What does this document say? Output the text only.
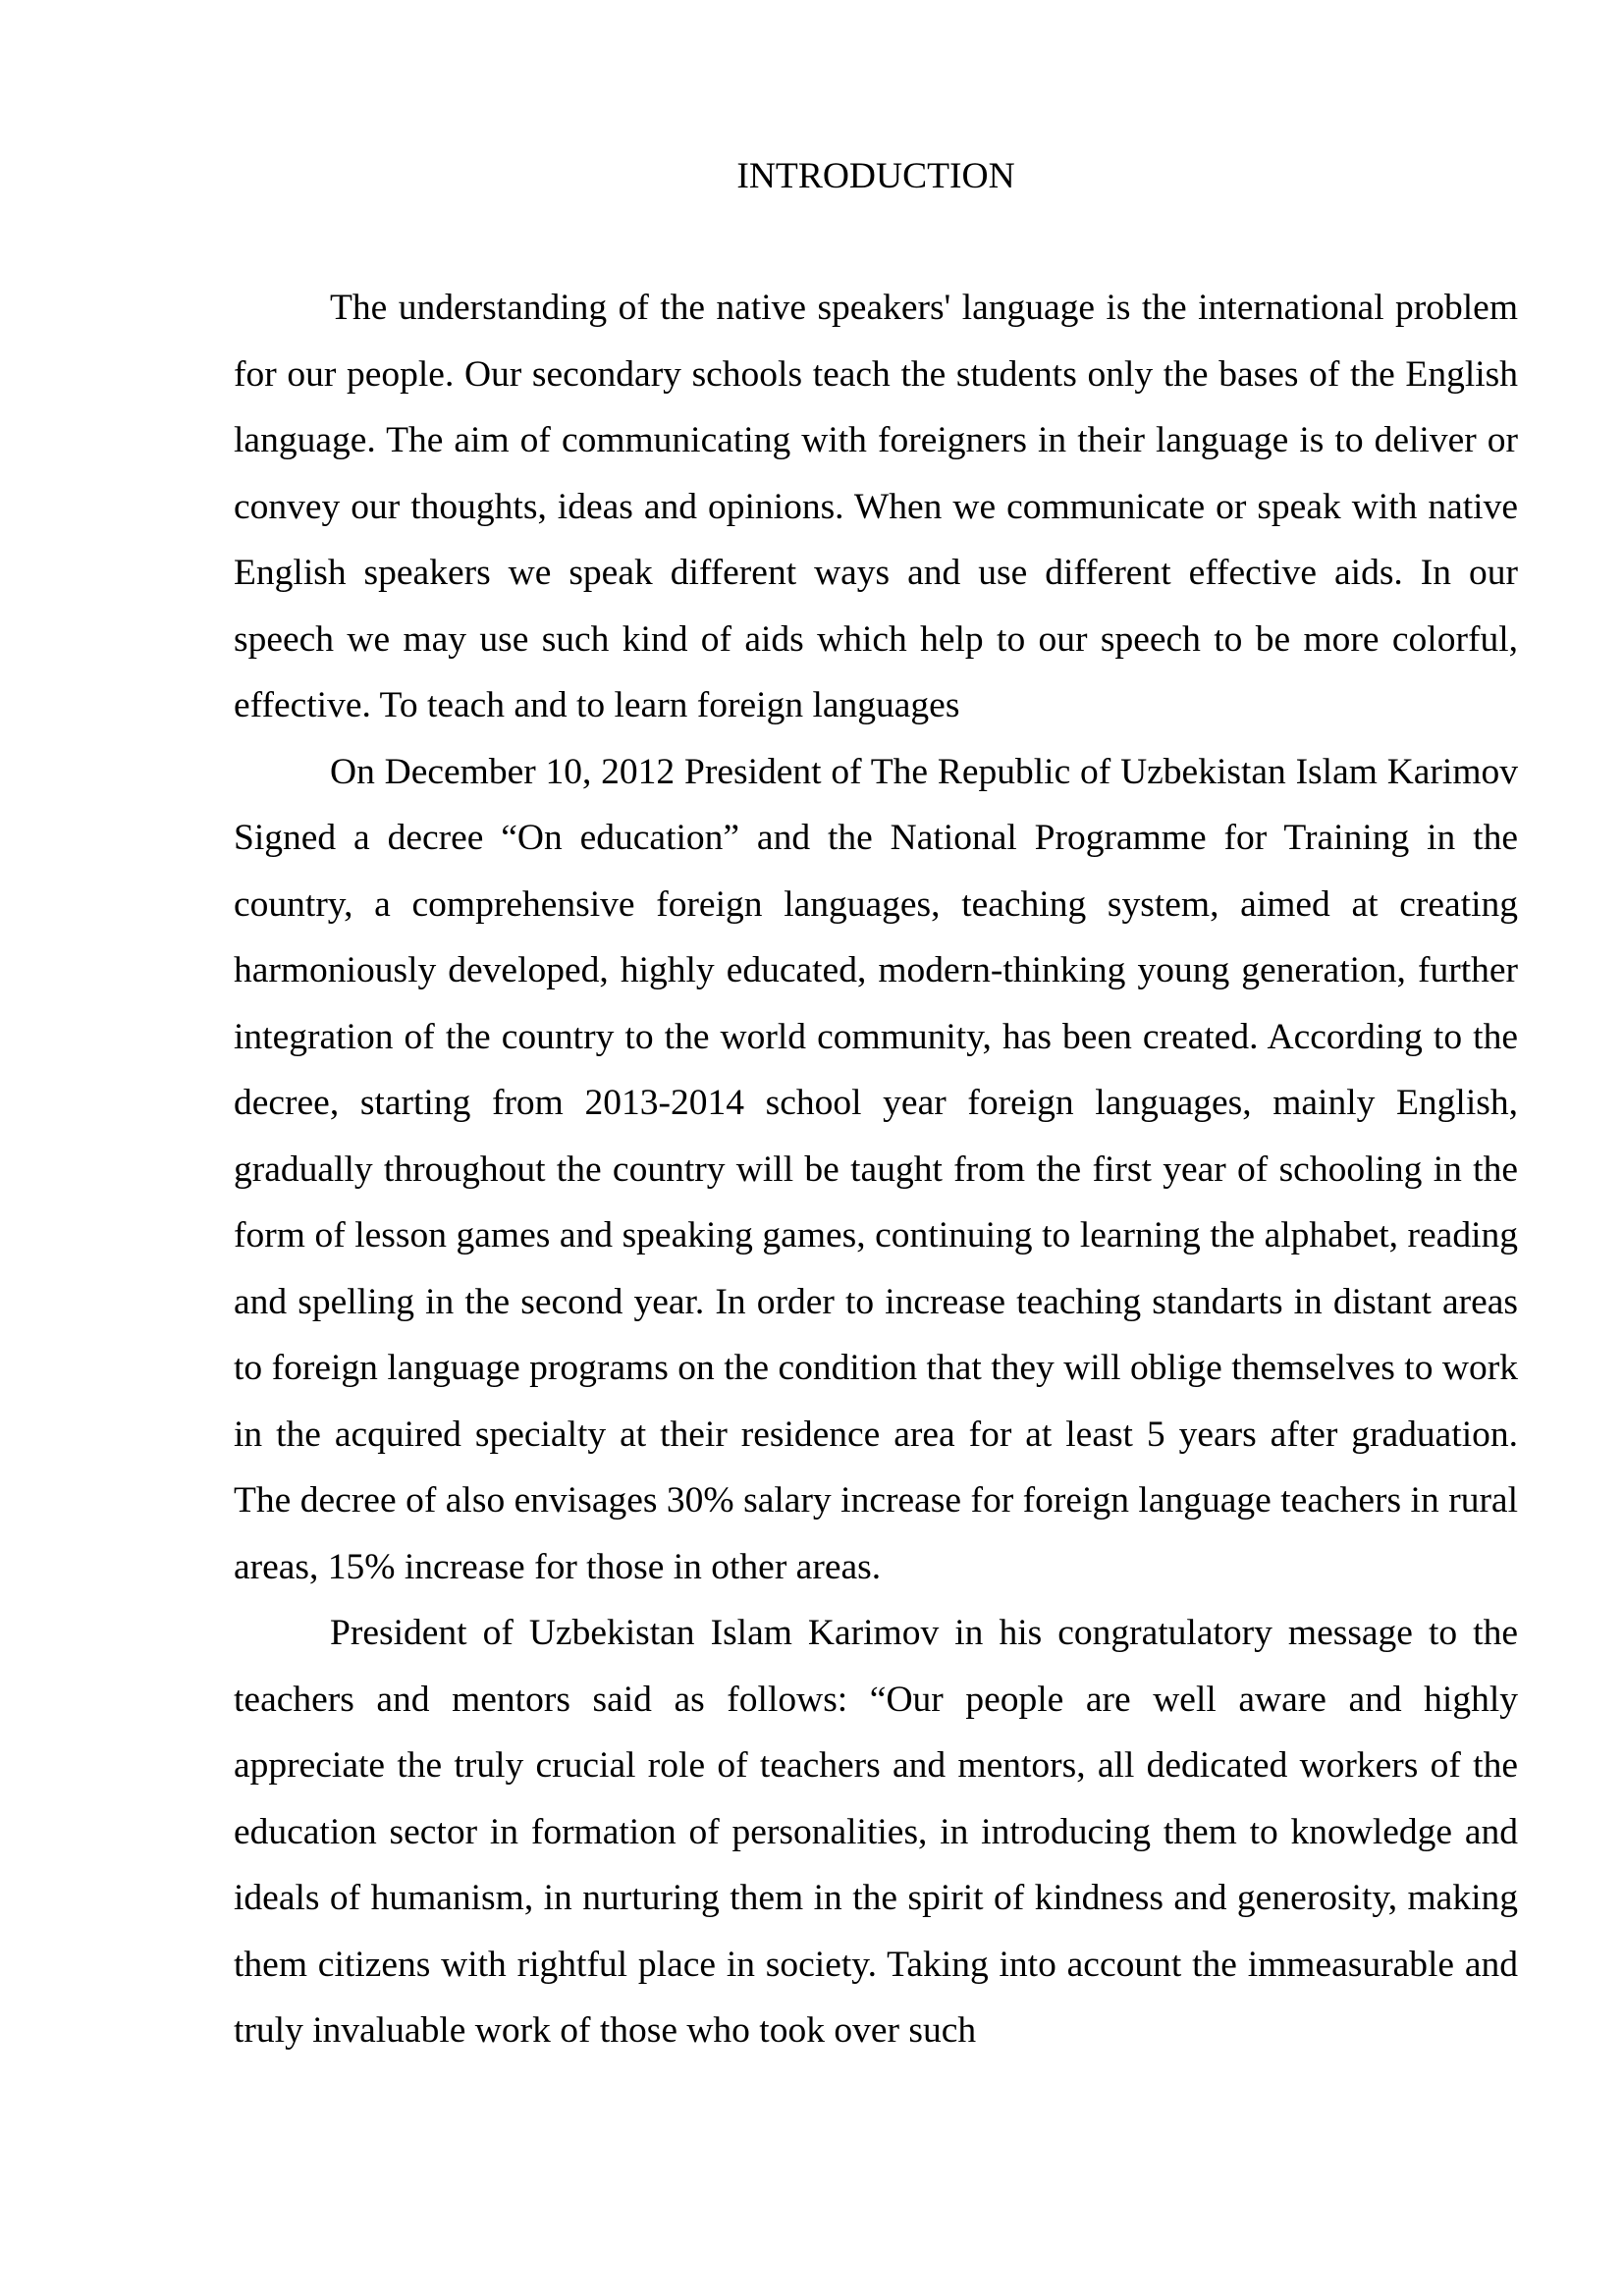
INTRODUCTION

The understanding of the native speakers' language is the international problem for our people. Our secondary schools teach the students only the bases of the English language. The aim of communicating with foreigners in their language is to deliver or convey our thoughts, ideas and opinions. When we communicate or speak with native English speakers we speak different ways and use different effective aids. In our speech we may use such kind of aids which help to our speech to be more colorful, effective. To teach and to learn foreign languages

On December 10, 2012 President of The Republic of Uzbekistan Islam Karimov Signed a decree “On education” and the National Programme for Training in the country, a comprehensive foreign languages, teaching system, aimed at creating harmoniously developed, highly educated, modern-thinking young generation, further integration of the country to the world community, has been created. According to the decree, starting from 2013-2014 school year foreign languages, mainly English, gradually throughout the country will be taught from the first year of schooling in the form of lesson games and speaking games, continuing to learning the alphabet, reading and spelling in the second year. In order to increase teaching standarts in distant areas to foreign language programs on the condition that they will oblige themselves to work in the acquired specialty at their residence area for at least 5 years after graduation. The decree of also envisages 30% salary increase for foreign language teachers in rural areas, 15% increase for those in other areas.

President of Uzbekistan Islam Karimov in his congratulatory message to the teachers and mentors said as follows: “Our people are well aware and highly appreciate the truly crucial role of teachers and mentors, all dedicated workers of the education sector in formation of personalities, in introducing them to knowledge and ideals of humanism, in nurturing them in the spirit of kindness and generosity, making them citizens with rightful place in society. Taking into account the immeasurable and truly invaluable work of those who took over such
